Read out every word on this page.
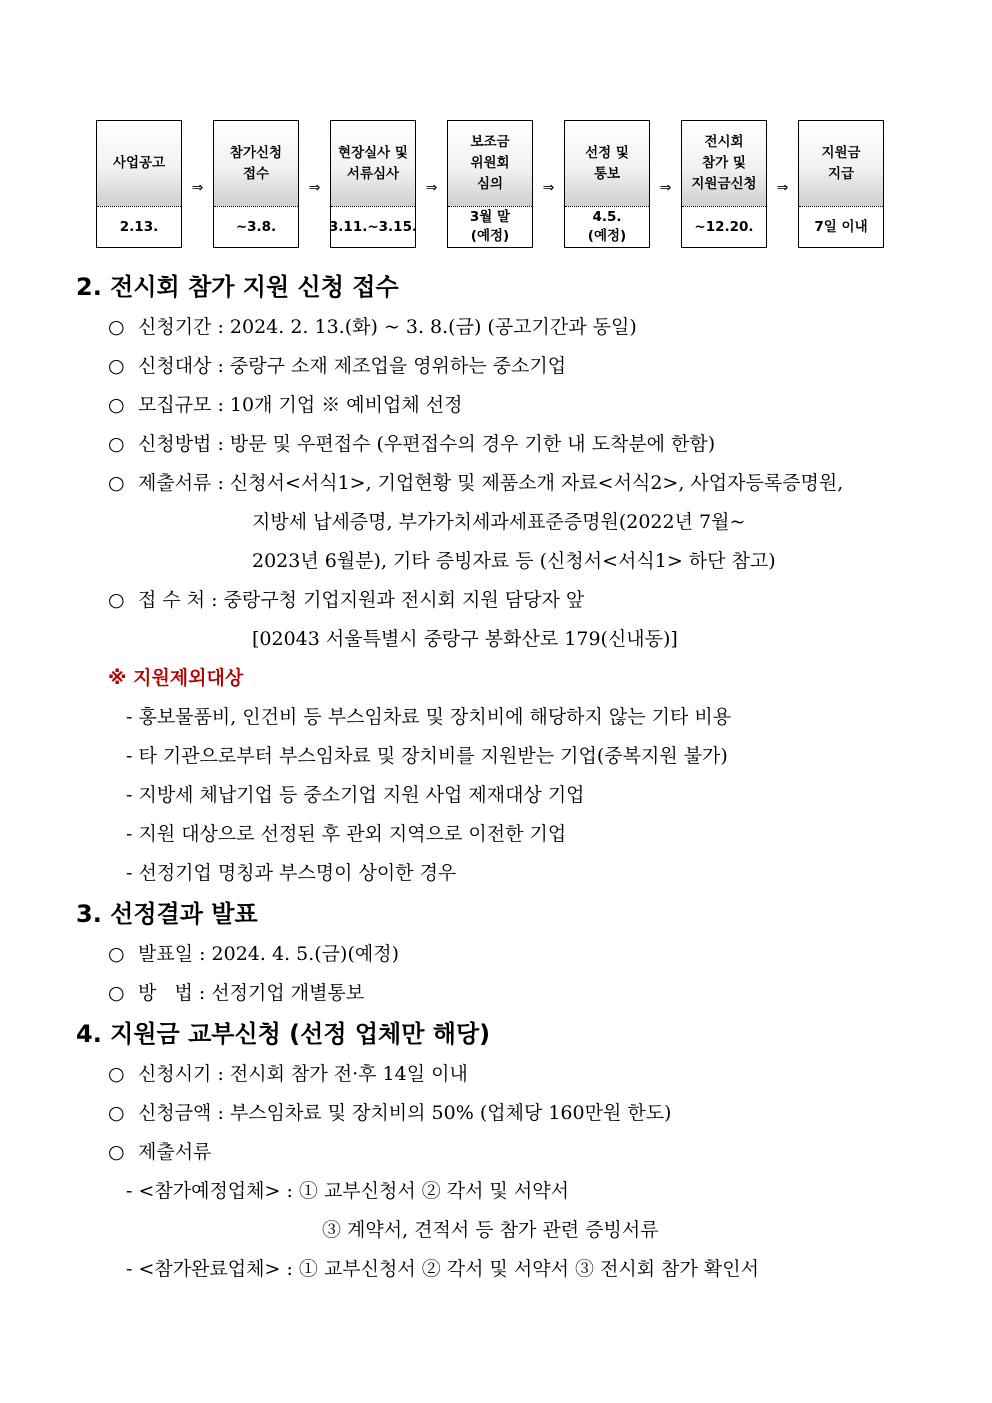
사업공고
2.13.
⇒
참가신청
접수
~3.8.
⇒
현장실사 및
서류심사
3.11.~3.15.
⇒
보조금
위원회
심의
3월 말
(예정)
⇒
선정 및
통보
4.5.
(예정)
⇒
전시회
참가 및
지원금신청
~12.20.
⇒
지원금
지급
7일 이내
2. 전시회 참가 지원 신청 접수
○ 신청기간 : 2024. 2. 13.(화) ~ 3. 8.(금) (공고기간과 동일)
○ 신청대상 : 중랑구 소재 제조업을 영위하는 중소기업
○ 모집규모 : 10개 기업 ※ 예비업체 선정
○ 신청방법 : 방문 및 우편접수 (우편접수의 경우 기한 내 도착분에 한함)
○ 제출서류 : 신청서<서식1>, 기업현황 및 제품소개 자료<서식2>, 사업자등록증명원,
지방세 납세증명, 부가가치세과세표준증명원(2022년 7월~
2023년 6월분), 기타 증빙자료 등 (신청서<서식1> 하단 참고)
○ 접 수 처 : 중랑구청 기업지원과 전시회 지원 담당자 앞
[02043 서울특별시 중랑구 봉화산로 179(신내동)]
※ 지원제외대상
- 홍보물품비, 인건비 등 부스임차료 및 장치비에 해당하지 않는 기타 비용
- 타 기관으로부터 부스임차료 및 장치비를 지원받는 기업(중복지원 불가)
- 지방세 체납기업 등 중소기업 지원 사업 제재대상 기업
- 지원 대상으로 선정된 후 관외 지역으로 이전한 기업
- 선정기업 명칭과 부스명이 상이한 경우
3. 선정결과 발표
○ 발표일 : 2024. 4. 5.(금)(예정)
○ 방   법 : 선정기업 개별통보
4. 지원금 교부신청 (선정 업체만 해당)
○ 신청시기 : 전시회 참가 전·후 14일 이내
○ 신청금액 : 부스임차료 및 장치비의 50% (업체당 160만원 한도)
○ 제출서류
- <참가예정업체> : ① 교부신청서 ② 각서 및 서약서
③ 계약서, 견적서 등 참가 관련 증빙서류
- <참가완료업체> : ① 교부신청서 ② 각서 및 서약서 ③ 전시회 참가 확인서
